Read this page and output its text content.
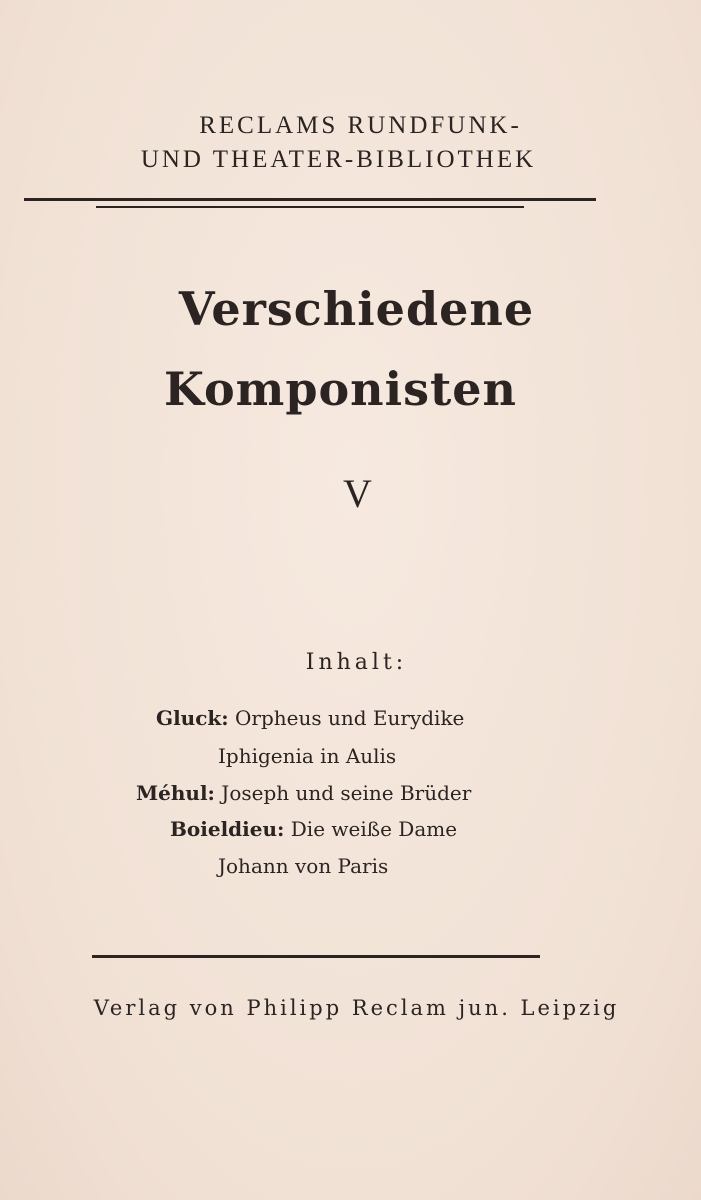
RECLAMS RUNDFUNK-
UND THEATER-BIBLIOTHEK
Verschiedene
Komponisten
V
Inhalt:
Gluck: Orpheus und Eurydike
Iphigenia in Aulis
Méhul: Joseph und seine Brüder
Boieldieu: Die weiße Dame
Johann von Paris
Verlag von Philipp Reclam jun. Leipzig
